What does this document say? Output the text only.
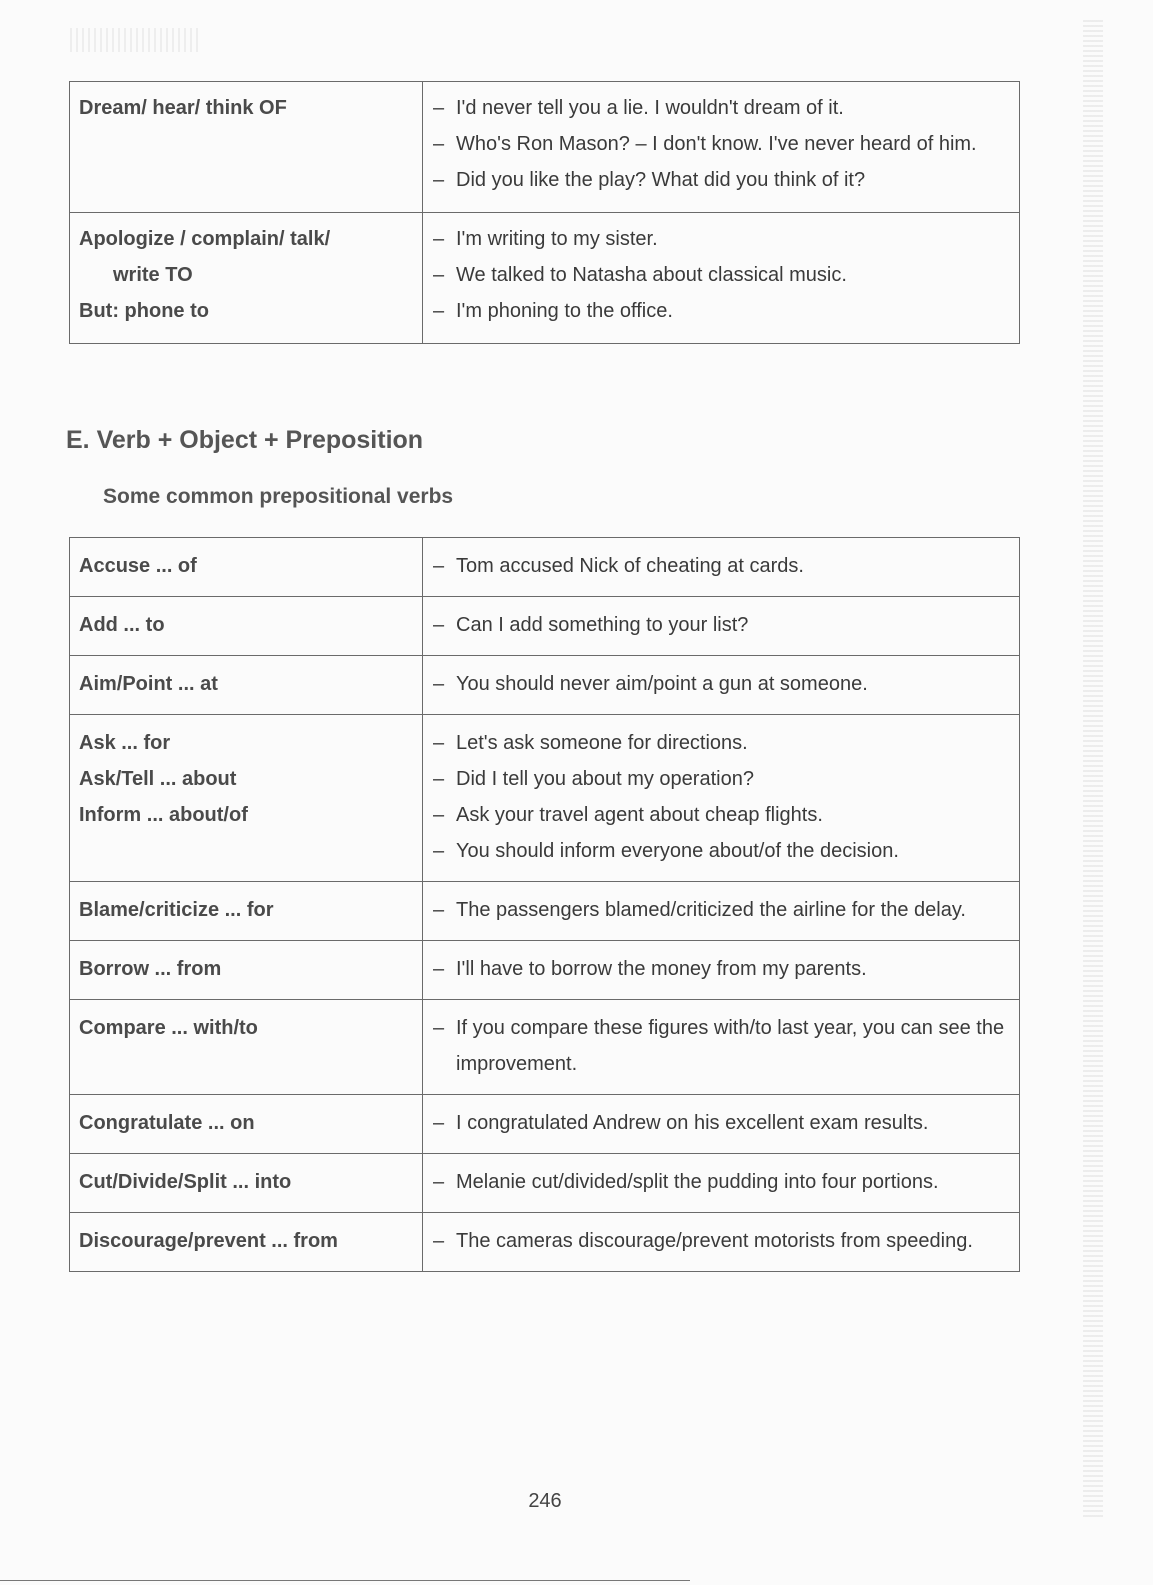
Dream/ hear/ think OF	– I'd never tell you a lie. I wouldn't dream of it.
– Who's Ron Mason? – I don't know. I've never heard of him.
– Did you like the play? What did you think of it?

Apologize / complain/ talk/
write TO
But: phone to	– I'm writing to my sister.
– We talked to Natasha about classical music.
– I'm phoning to the office.
E. Verb + Object + Preposition
Some common prepositional verbs
Accuse ... of	– Tom accused Nick of cheating at cards.

Add ... to	– Can I add something to your list?

Aim/Point ... at	– You should never aim/point a gun at someone.

Ask ... for
Ask/Tell ... about
Inform ... about/of	– Let's ask someone for directions.
– Did I tell you about my operation?
– Ask your travel agent about cheap flights.
– You should inform everyone about/of the decision.

Blame/criticize ... for	– The passengers blamed/criticized the airline for the delay.

Borrow ... from	– I'll have to borrow the money from my parents.

Compare ... with/to	– If you compare these figures with/to last year, you can see the improvement.

Congratulate ... on	– I congratulated Andrew on his excellent exam results.

Cut/Divide/Split ... into	– Melanie cut/divided/split the pudding into four portions.

Discourage/prevent ... from	– The cameras discourage/prevent motorists from speeding.
246
